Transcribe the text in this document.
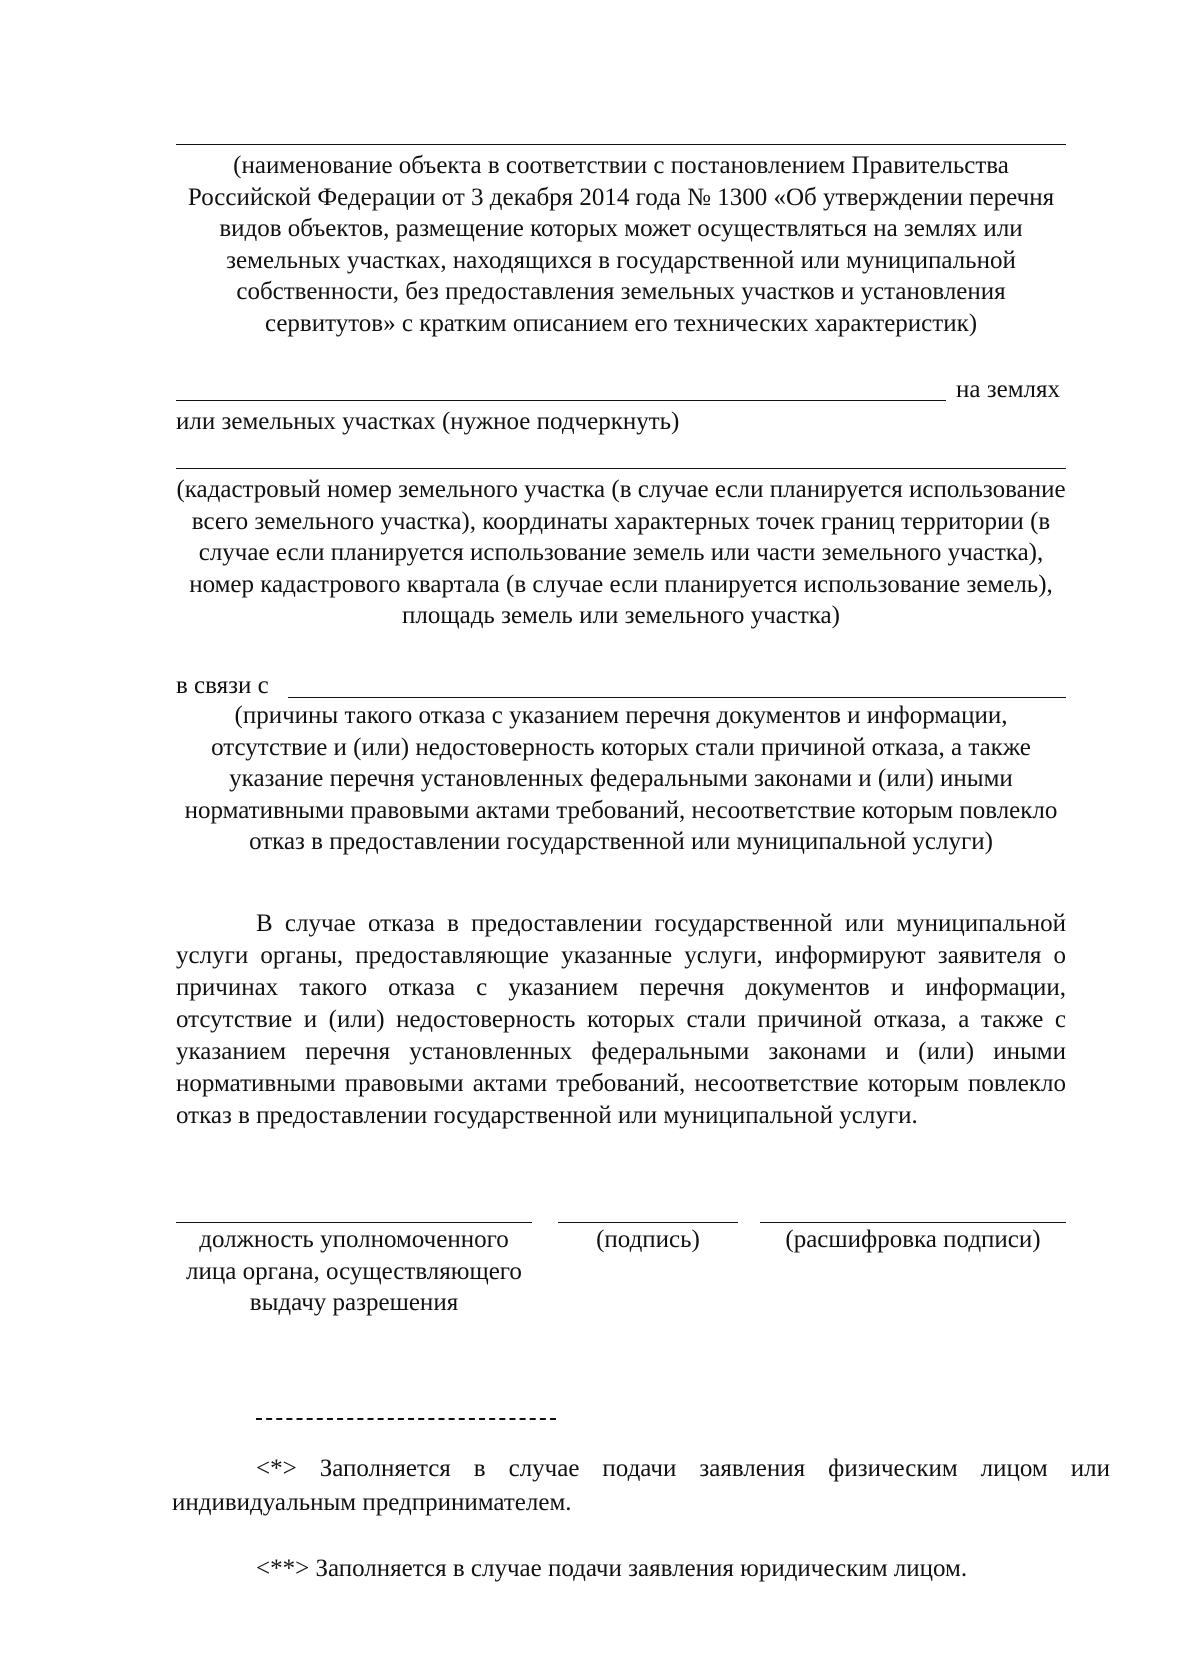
(наименование объекта в соответствии с постановлением Правительства Российской Федерации от 3 декабря 2014 года № 1300 «Об утверждении перечня видов объектов, размещение которых может осуществляться на землях или земельных участках, находящихся в государственной или муниципальной собственности, без предоставления земельных участков и установления сервитутов» с кратким описанием его технических характеристик)
на землях
или земельных участках (нужное подчеркнуть)
(кадастровый номер земельного участка (в случае если планируется использование всего земельного участка), координаты характерных точек границ территории (в случае если планируется использование земель или части земельного участка), номер кадастрового квартала (в случае если планируется использование земель), площадь земель или земельного участка)
в связи с
(причины такого отказа с указанием перечня документов и информации, отсутствие и (или) недостоверность которых стали причиной отказа, а также указание перечня установленных федеральными законами и (или) иными нормативными правовыми актами требований, несоответствие которым повлекло отказ в предоставлении государственной или муниципальной услуги)
В случае отказа в предоставлении государственной или муниципальной услуги органы, предоставляющие указанные услуги, информируют заявителя о причинах такого отказа с указанием перечня документов и информации, отсутствие и (или) недостоверность которых стали причиной отказа, а также с указанием перечня установленных федеральными законами и (или) иными нормативными правовыми актами требований, несоответствие которым повлекло отказ в предоставлении государственной или муниципальной услуги.
должность уполномоченного лица органа, осуществляющего выдачу разрешения
(подпись)	(расшифровка подписи)
<*> Заполняется в случае подачи заявления физическим лицом или индивидуальным предпринимателем.
<**> Заполняется в случае подачи заявления юридическим лицом.
